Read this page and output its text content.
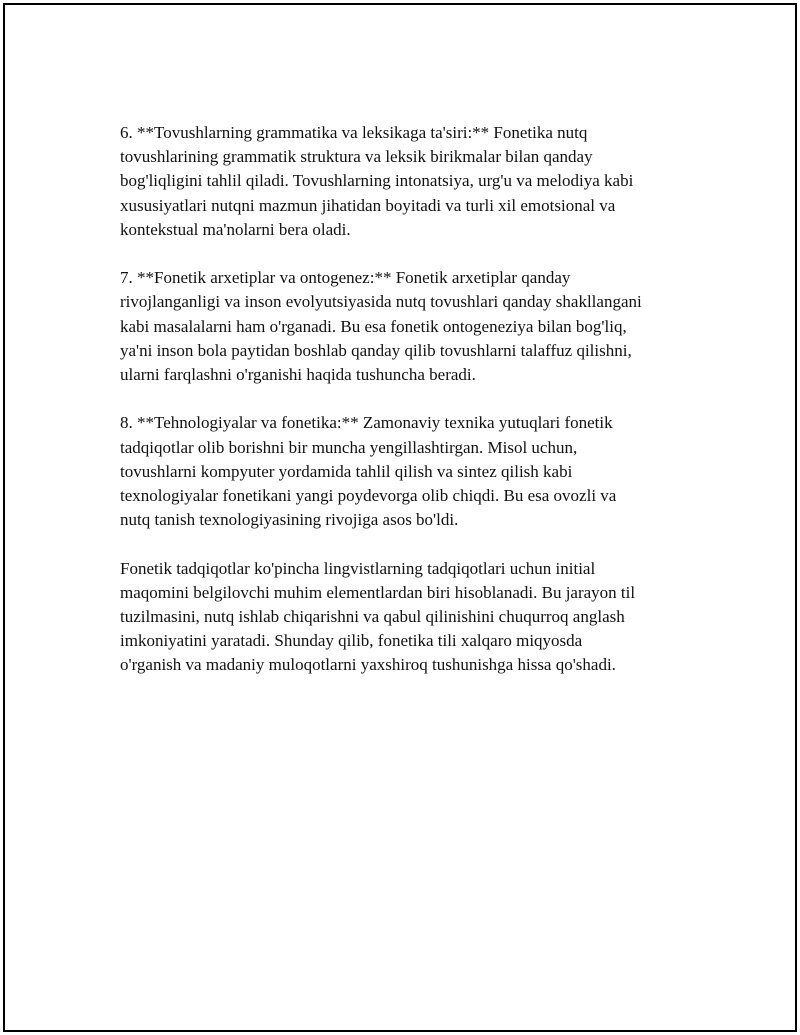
6. **Tovushlarning grammatika va leksikaga ta'siri:** Fonetika nutq
tovushlarining grammatik struktura va leksik birikmalar bilan qanday
bog'liqligini tahlil qiladi. Tovushlarning intonatsiya, urg'u va melodiya kabi
xususiyatlari nutqni mazmun jihatidan boyitadi va turli xil emotsional va
kontekstual ma'nolarni bera oladi.

7. **Fonetik arxetiplar va ontogenez:** Fonetik arxetiplar qanday
rivojlanganligi va inson evolyutsiyasida nutq tovushlari qanday shakllangani
kabi masalalarni ham o'rganadi. Bu esa fonetik ontogeneziya bilan bog'liq,
ya'ni inson bola paytidan boshlab qanday qilib tovushlarni talaffuz qilishni,
ularni farqlashni o'rganishi haqida tushuncha beradi.

8. **Tehnologiyalar va fonetika:** Zamonaviy texnika yutuqlari fonetik
tadqiqotlar olib borishni bir muncha yengillashtirgan. Misol uchun,
tovushlarni kompyuter yordamida tahlil qilish va sintez qilish kabi
texnologiyalar fonetikani yangi poydevorga olib chiqdi. Bu esa ovozli va
nutq tanish texnologiyasining rivojiga asos bo'ldi.

Fonetik tadqiqotlar ko'pincha lingvistlarning tadqiqotlari uchun initial
maqomini belgilovchi muhim elementlardan biri hisoblanadi. Bu jarayon til
tuzilmasini, nutq ishlab chiqarishni va qabul qilinishini chuqurroq anglash
imkoniyatini yaratadi. Shunday qilib, fonetika tili xalqaro miqyosda
o'rganish va madaniy muloqotlarni yaxshiroq tushunishga hissa qo'shadi.
